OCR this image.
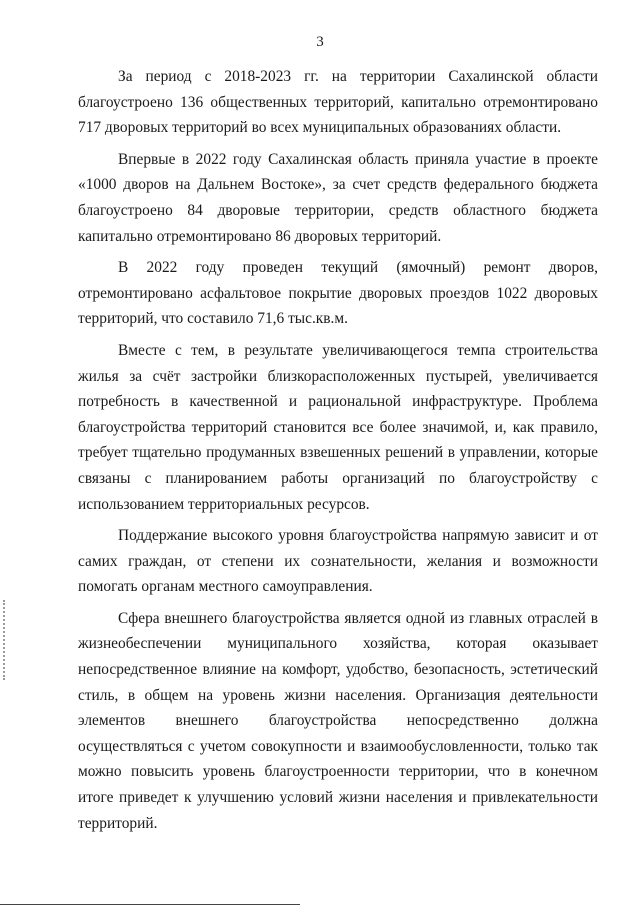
3

За период с 2018-2023 гг. на территории Сахалинской области благоустроено 136 общественных территорий, капитально отремонтировано 717 дворовых территорий во всех муниципальных образованиях области.

Впервые в 2022 году Сахалинская область приняла участие в проекте «1000 дворов на Дальнем Востоке», за счет средств федерального бюджета благоустроено 84 дворовые территории, средств областного бюджета капитально отремонтировано 86 дворовых территорий.

В 2022 году проведен текущий (ямочный) ремонт дворов, отремонтировано асфальтовое покрытие дворовых проездов 1022 дворовых территорий, что составило 71,6 тыс.кв.м.

Вместе с тем, в результате увеличивающегося темпа строительства жилья за счёт застройки близкорасположенных пустырей, увеличивается потребность в качественной и рациональной инфраструктуре. Проблема благоустройства территорий становится все более значимой, и, как правило, требует тщательно продуманных взвешенных решений в управлении, которые связаны с планированием работы организаций по благоустройству с использованием территориальных ресурсов.

Поддержание высокого уровня благоустройства напрямую зависит и от самих граждан, от степени их сознательности, желания и возможности помогать органам местного самоуправления.

Сфера внешнего благоустройства является одной из главных отраслей в жизнеобеспечении муниципального хозяйства, которая оказывает непосредственное влияние на комфорт, удобство, безопасность, эстетический стиль, в общем на уровень жизни населения. Организация деятельности элементов внешнего благоустройства непосредственно должна осуществляться с учетом совокупности и взаимообусловленности, только так можно повысить уровень благоустроенности территории, что в конечном итоге приведет к улучшению условий жизни населения и привлекательности территорий.
